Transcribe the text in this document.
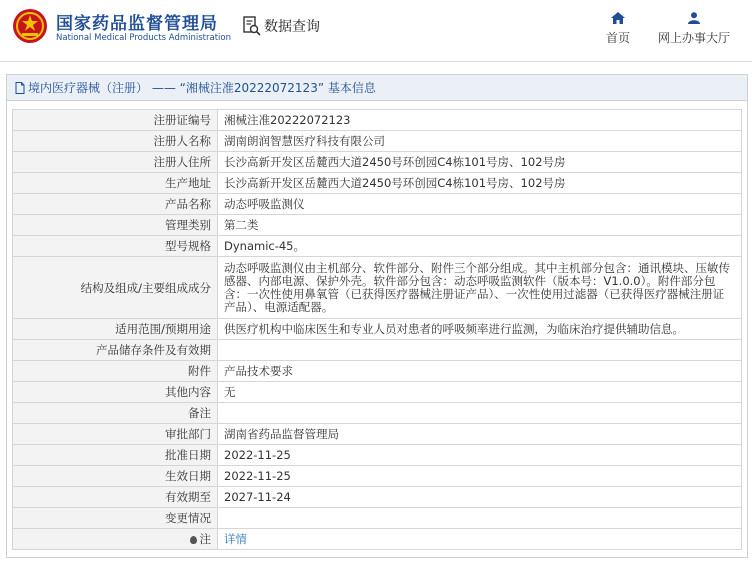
国家药品监督管理局
National Medical Products Administration
数据查询
首页 网上办事大厅
境内医疗器械（注册） —— “湘械注准20222072123” 基本信息
注册证编号	湘械注准20222072123
注册人名称	湖南朗润智慧医疗科技有限公司
注册人住所	长沙高新开发区岳麓西大道2450号环创园C4栋101号房、102号房
生产地址	长沙高新开发区岳麓西大道2450号环创园C4栋101号房、102号房
产品名称	动态呼吸监测仪
管理类别	第二类
型号规格	Dynamic-45。
结构及组成/主要组成成分	动态呼吸监测仪由主机部分、软件部分、附件三个部分组成。其中主机部分包含：通讯模块、压敏传感器、内部电源、保护外壳。软件部分包含：动态呼吸监测软件（版本号：V1.0.0）。附件部分包含：一次性使用鼻氧管（已获得医疗器械注册证产品）、一次性使用过滤器（已获得医疗器械注册证产品）、电源适配器。
适用范围/预期用途	供医疗机构中临床医生和专业人员对患者的呼吸频率进行监测，为临床治疗提供辅助信息。
产品储存条件及有效期	
附件	产品技术要求
其他内容	无
备注	
审批部门	湖南省药品监督管理局
批准日期	2022-11-25
生效日期	2022-11-25
有效期至	2027-11-24
变更情况	
注	详情
